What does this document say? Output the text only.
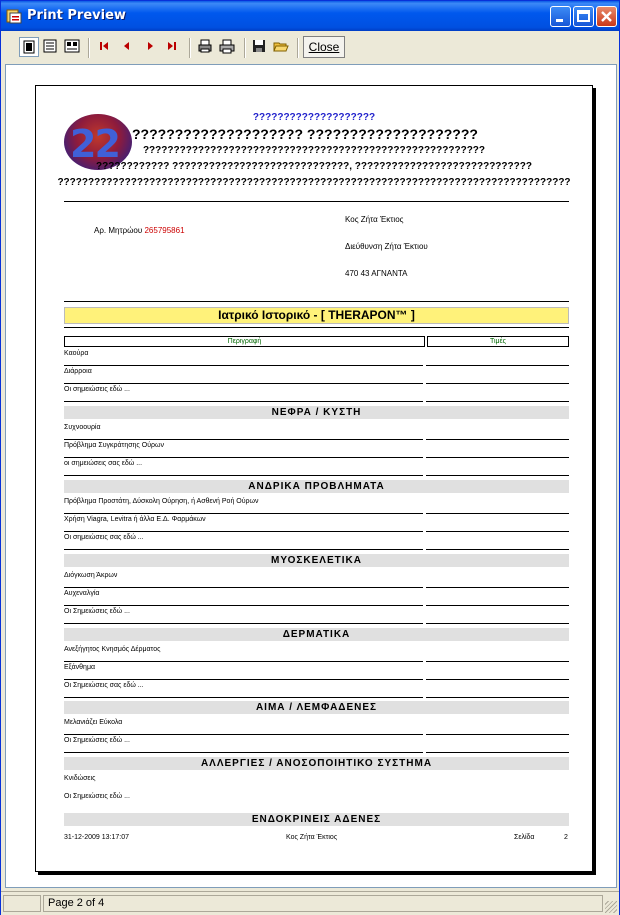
Print Preview
Close
22
????????????????????
???????????????????? ????????????????????
????????????????????????????????????????????????????????
???????????? ?????????????????????????????, ?????????????????????????????
????????????????????????????????????????????????????????????????????????????????????
Αρ. Μητρώου 265795861
Κος Ζήτα Έκτιος
Διεύθυνση Ζήτα Έκτιου
470 43 ΑΓΝΑΝΤΑ
Ιατρικό Ιστορικό - [ THERAPON™ ]
Περιγραφή	Τιμές
Καούρα
Διάρροια
Οι σημειώσεις εδώ ...
ΝΕΦΡΑ / ΚΥΣΤΗ
Συχνοουρία
Πρόβλημα Συγκράτησης Ούρων
οι σημειώσεις σας εδώ ...
ΑΝΔΡΙΚΑ ΠΡΟΒΛΗΜΑΤΑ
Πρόβλημα Προστάτη, Δύσκολη Ούρηση, ή Ασθενή Ροή Ούρων
Χρήση Viagra, Levitra ή άλλα Ε.Δ. Φαρμάκων
Οι σημειώσεις σας εδώ ...
ΜΥΟΣΚΕΛΕΤΙΚΑ
Διόγκωση Άκρων
Αυχεναλγία
Οι Σημειώσεις εδώ ...
ΔΕΡΜΑΤΙΚΑ
Ανεξήγητος Κνησμός Δέρματος
Εξάνθημα
Οι Σημειώσεις σας εδώ ...
ΑΙΜΑ / ΛΕΜΦΑΔΕΝΕΣ
Μελανιάζει Εύκολα
Οι Σημειώσεις εδώ ...
ΑΛΛΕΡΓΙΕΣ / ΑΝΟΣΟΠΟΙΗΤΙΚΟ ΣΥΣΤΗΜΑ
Κνιδώσεις
Οι Σημειώσεις εδώ ...
ΕΝΔΟΚΡΙΝΕΙΣ ΑΔΕΝΕΣ
31-12-2009 13:17:07	Κος Ζήτα Έκτιος	Σελίδα	2
Page 2 of 4
